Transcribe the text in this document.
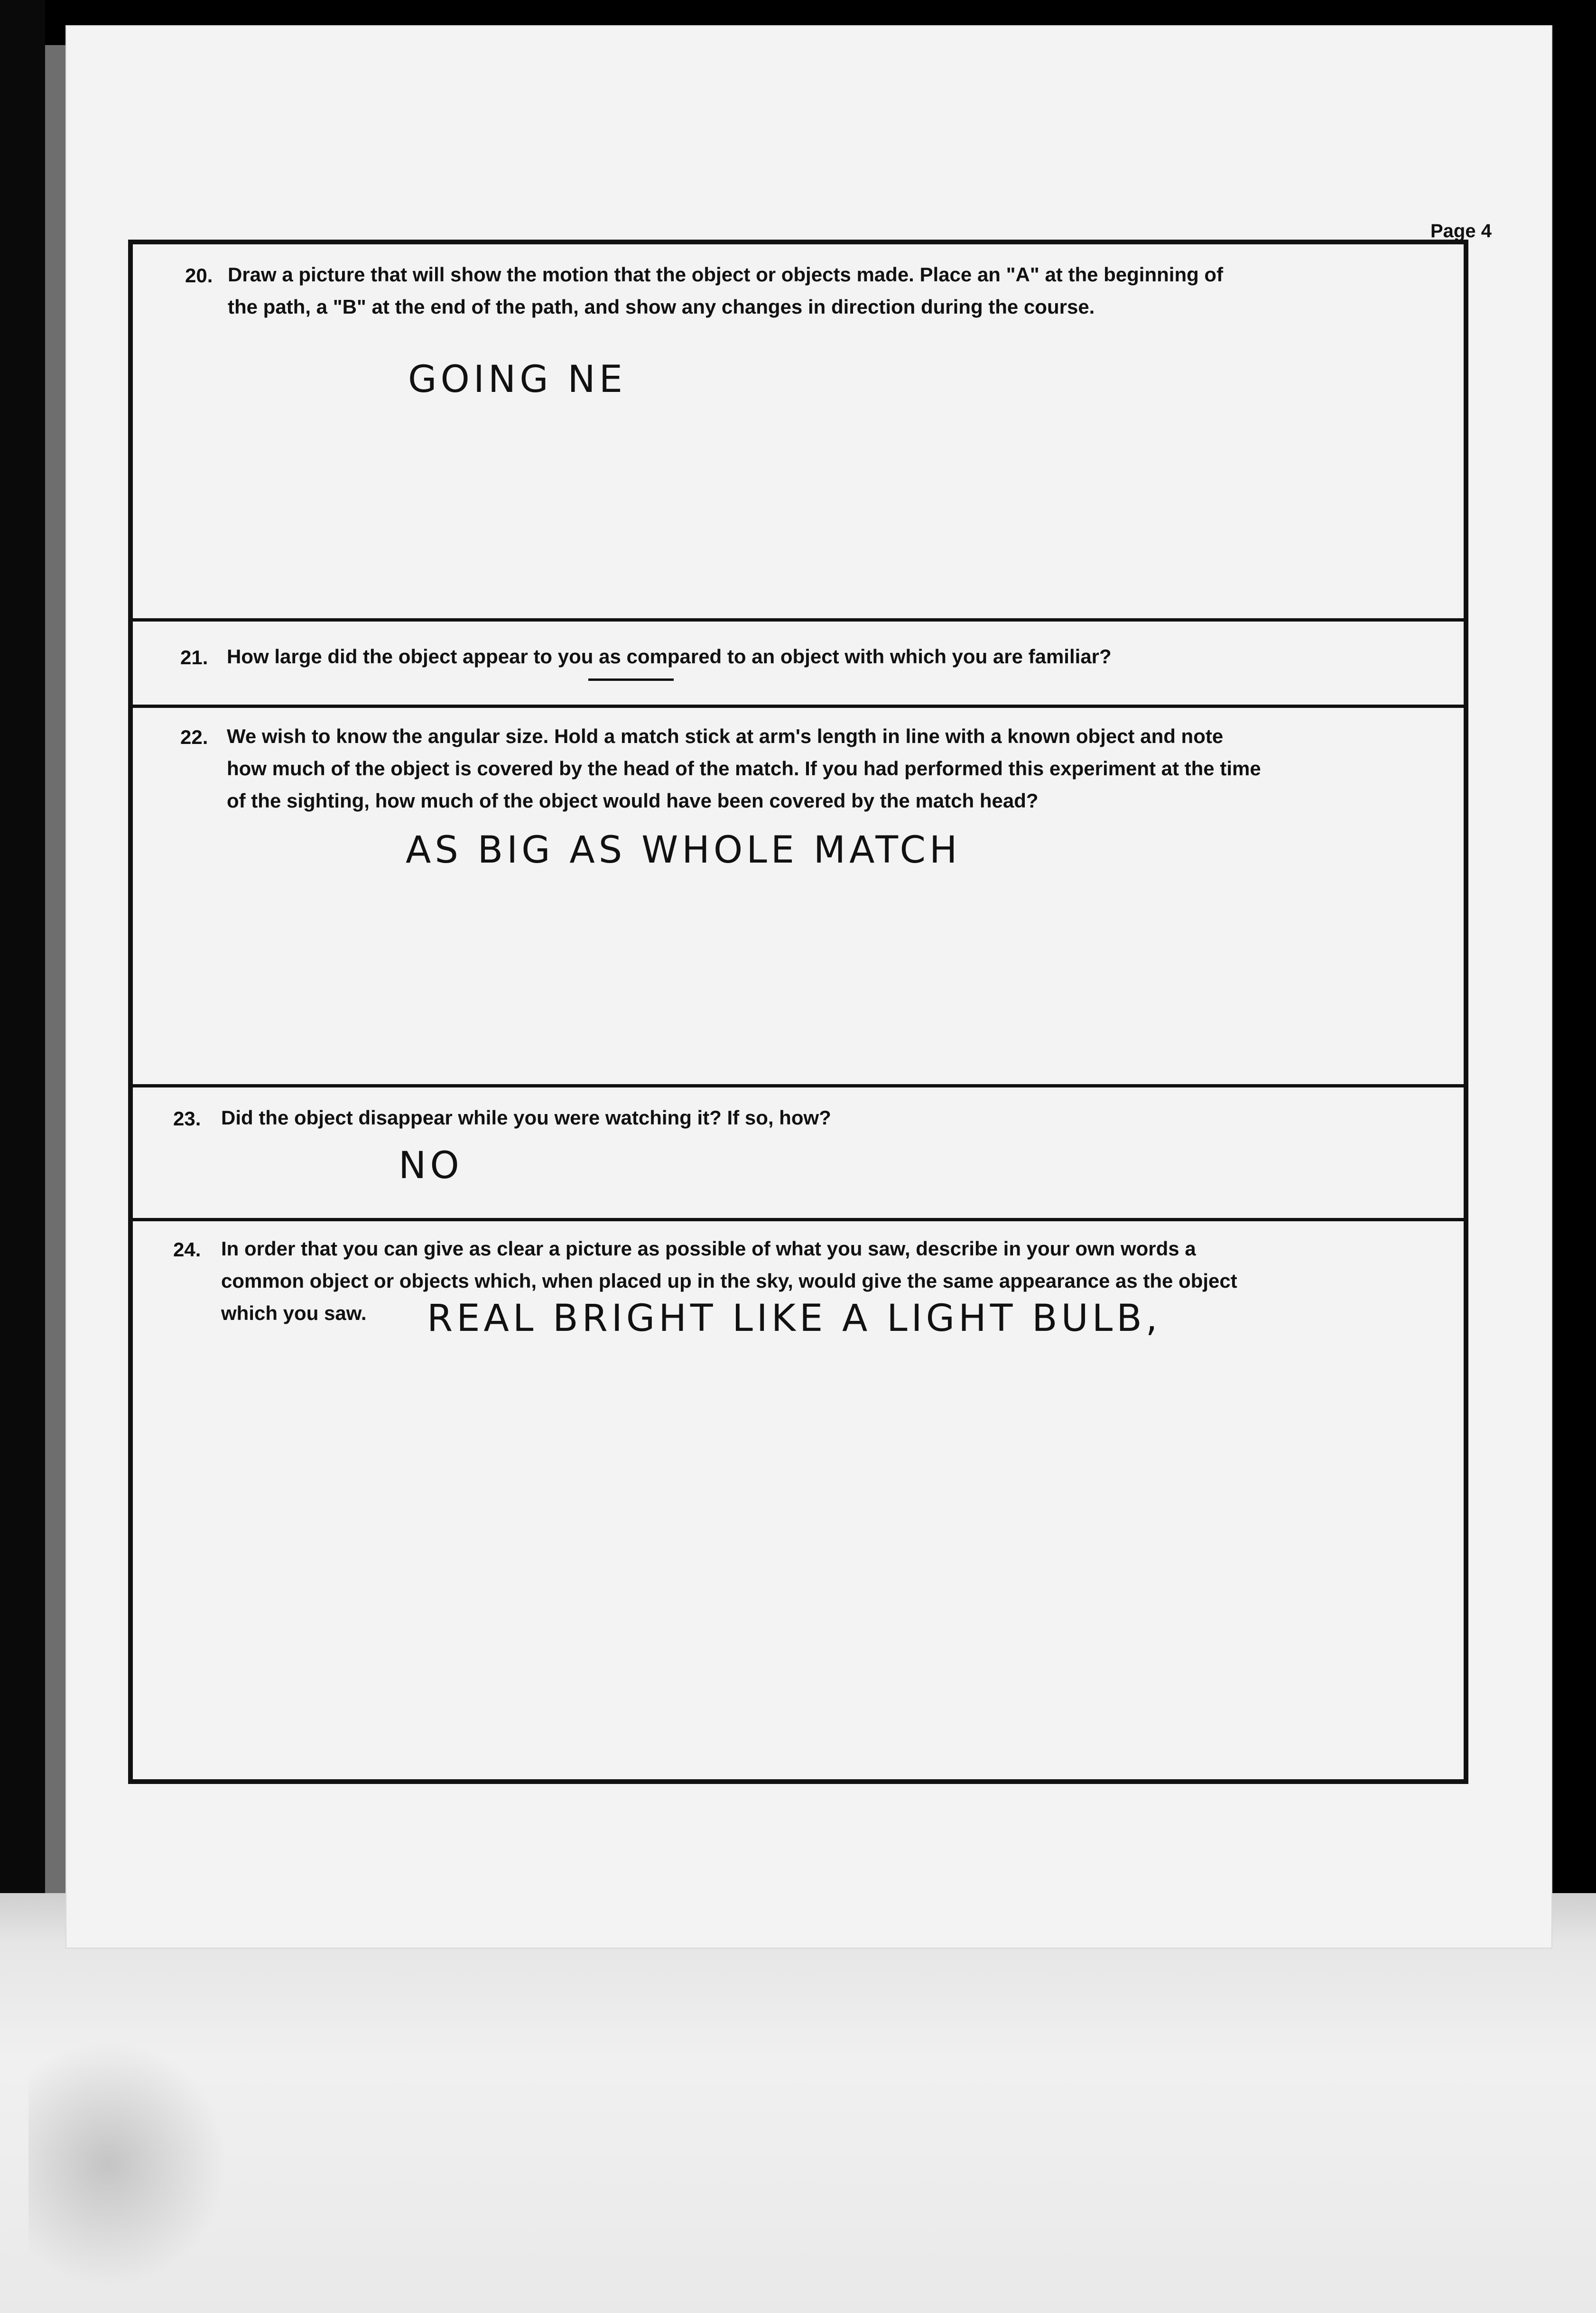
Page 4
20. Draw a picture that will show the motion that the object or objects made. Place an "A" at the beginning of
the path, a "B" at the end of the path, and show any changes in direction during the course.
GOING NE
21. How large did the object appear to you as compared to an object with which you are familiar?
22. We wish to know the angular size. Hold a match stick at arm's length in line with a known object and note
how much of the object is covered by the head of the match. If you had performed this experiment at the time
of the sighting, how much of the object would have been covered by the match head?
AS BIG AS WHOLE MATCH
23. Did the object disappear while you were watching it? If so, how?
NO
24. In order that you can give as clear a picture as possible of what you saw, describe in your own words a
common object or objects which, when placed up in the sky, would give the same appearance as the object
which you saw.	REAL BRIGHT LIKE A LIGHT BULB,
